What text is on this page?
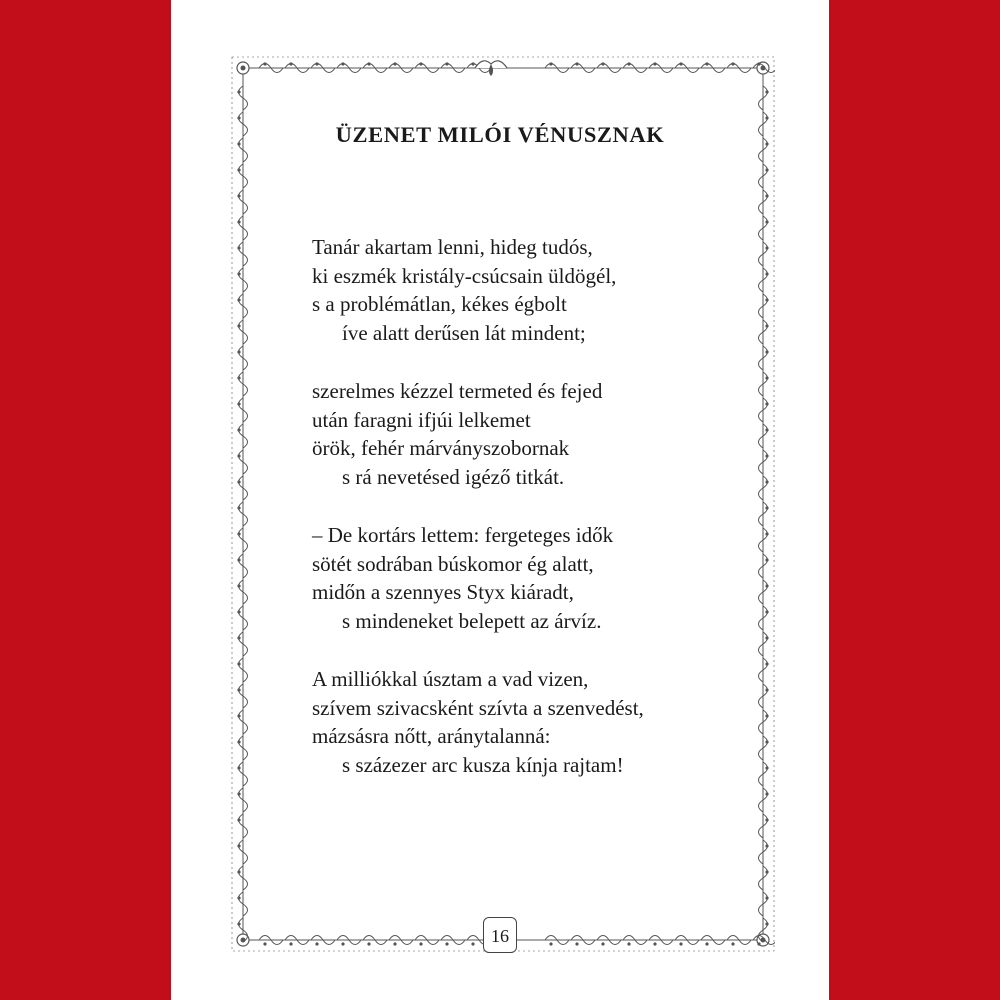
ÜZENET MILÓI VÉNUSZNAK
Tanár akartam lenni, hideg tudós,
ki eszmék kristály-csúcsain üldögél,
s a problémátlan, kékes égbolt
íve alatt derűsen lát mindent;
szerelmes kézzel termeted és fejed
után faragni ifjúi lelkemet
örök, fehér márványszobornak
s rá nevetésed igéző titkát.
– De kortárs lettem: fergeteges idők
sötét sodrában búskomor ég alatt,
midőn a szennyes Styx kiáradt,
s mindeneket belepett az árvíz.
A milliókkal úsztam a vad vizen,
szívem szivacsként szívta a szenvedést,
mázsásra nőtt, aránytalanná:
s százezer arc kusza kínja rajtam!
16
